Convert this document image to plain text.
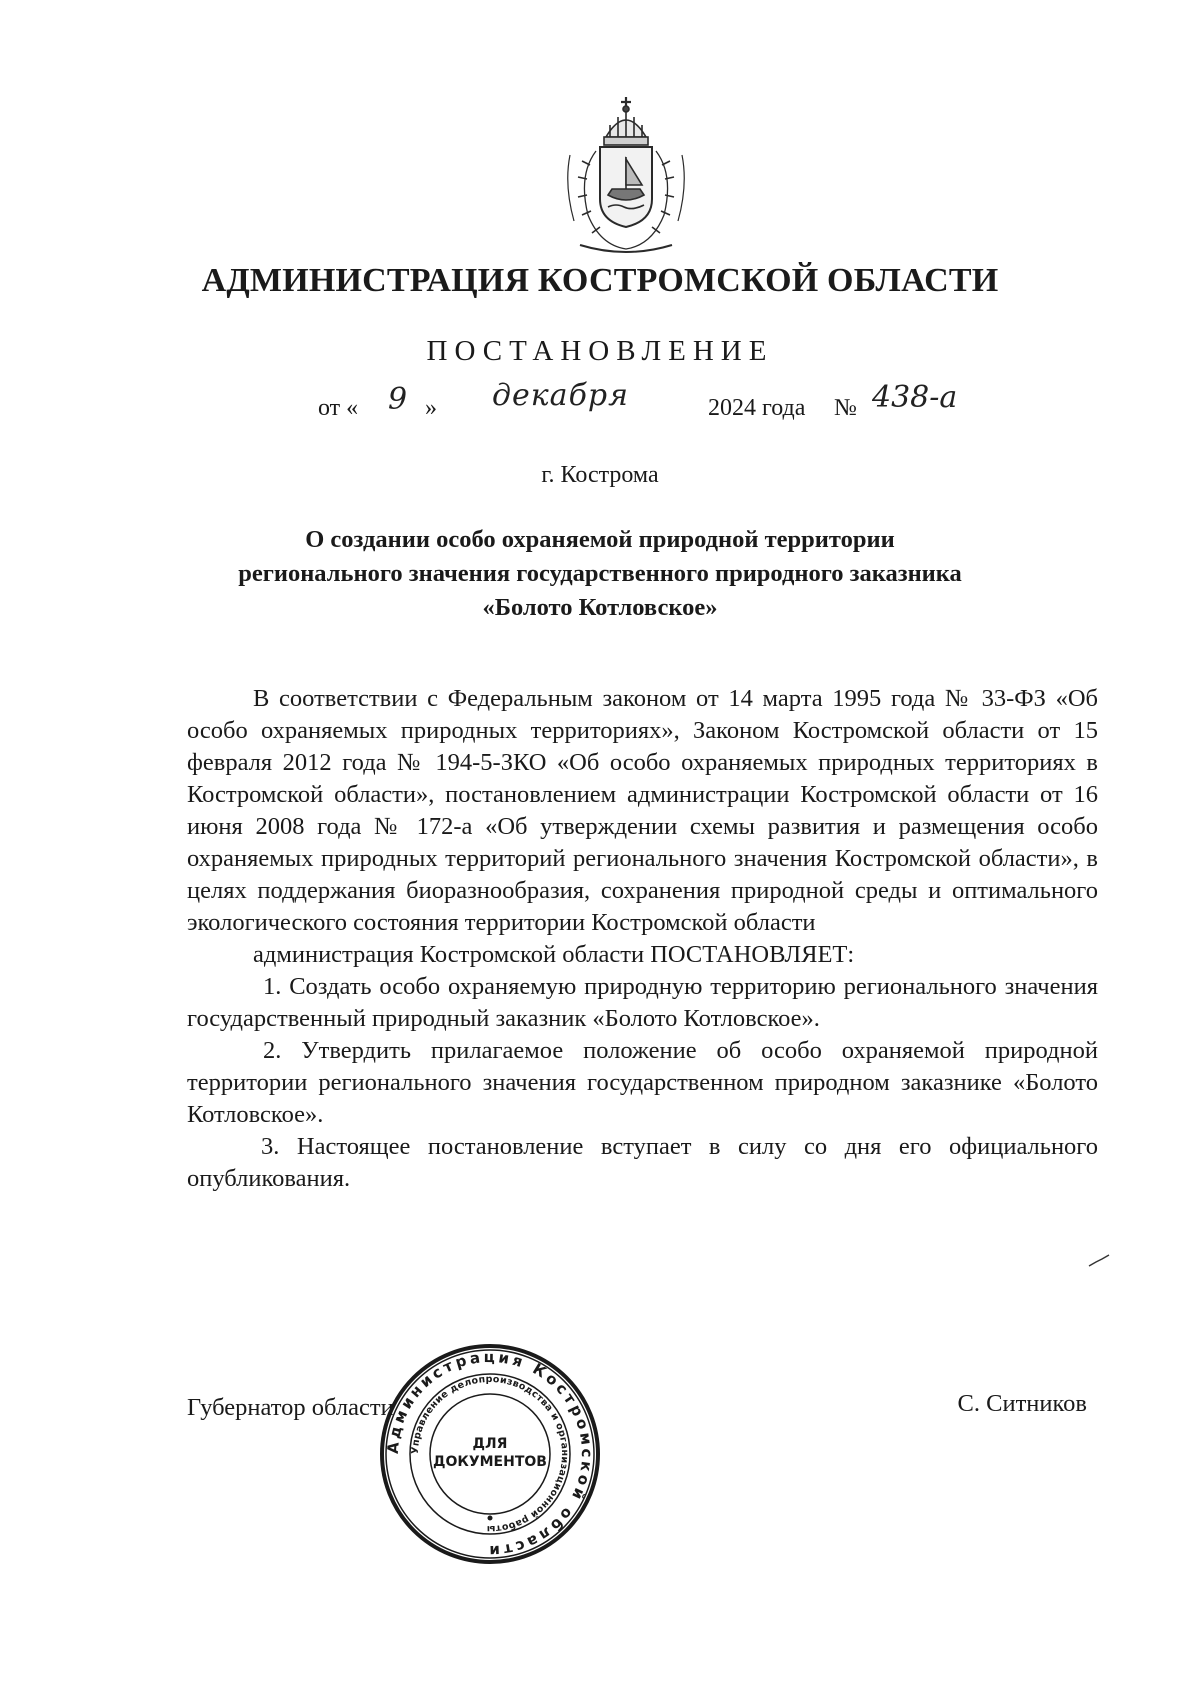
АДМИНИСТРАЦИЯ КОСТРОМСКОЙ ОБЛАСТИ
ПОСТАНОВЛЕНИЕ
от « 9 » декабря	2024 года № 438-а
г. Кострома
О создании особо охраняемой природной территории
регионального значения государственного природного заказника
«Болото Котловское»

В соответствии с Федеральным законом от 14 марта 1995 года № 33-ФЗ «Об особо охраняемых природных территориях», Законом Костромской области от 15 февраля 2012 года № 194-5-ЗКО «Об особо охраняемых природных территориях в Костромской области», постановлением администрации Костромской области от 16 июня 2008 года № 172-а «Об утверждении схемы развития и размещения особо охраняемых природных территорий регионального значения Костромской области», в целях поддержания биоразнообразия, сохранения природной среды и оптимального экологического состояния территории Костромской области

администрация Костромской области ПОСТАНОВЛЯЕТ:

1. Создать особо охраняемую природную территорию регионального значения государственный природный заказник «Болото Котловское».

2. Утвердить прилагаемое положение об особо охраняемой природной территории регионального значения государственном природном заказнике «Болото Котловское».

3. Настоящее постановление вступает в силу со дня его официального опубликования.

Губернатор области	С. Ситников
Администрация Костромской области
Управление делопроизводства и организационной работы
ДЛЯ
ДОКУМЕНТОВ
